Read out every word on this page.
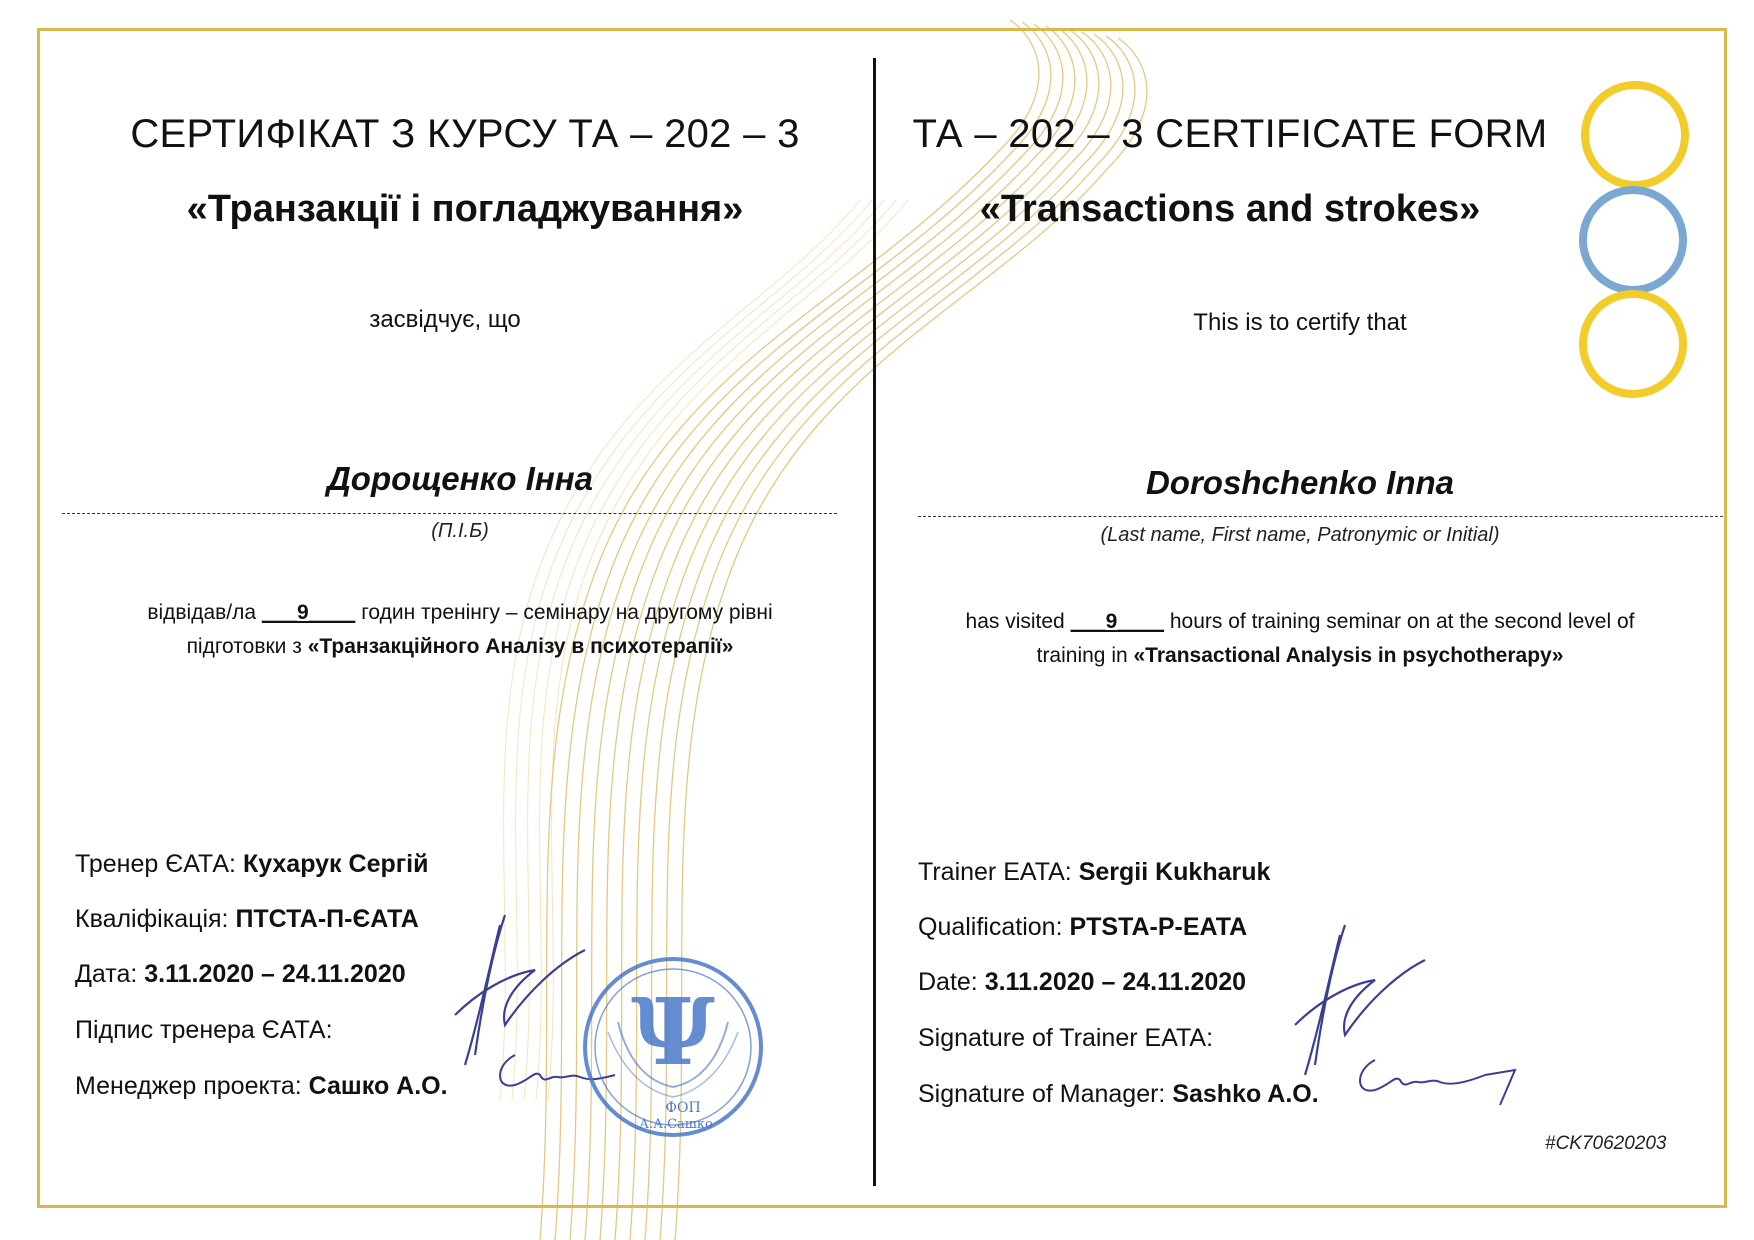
СЕРТИФІКАТ З КУРСУ ТА – 202 – 3
«Транзакції і погладжування»
засвідчує, що
Дорощенко Інна
(П.І.Б)
відвідав/ла ___9____ годин тренінгу – семінару на другому рівні
підготовки з «Транзакційного Аналізу в психотерапії»
Тренер ЄАТА: Кухарук Сергій
Кваліфікація: ПТСТА-П-ЄАТА
Дата: 3.11.2020 – 24.11.2020
Підпис тренера ЄАТА:
Менеджер проекта: Сашко А.О. Ψ
ФОП
А.А.Сашко
ТА – 202 – 3 CERTIFICATE FORM
«Transactions and strokes»
This is to certify that
Doroshchenko Inna
(Last name, First name, Patronymic or Initial)
has visited ___9____ hours of training seminar on at the second level of
training in «Transactional Analysis in psychotherapy»
Trainer EATA: Sergii Kukharuk
Qualification: PTSTA-P-EATA
Date: 3.11.2020 – 24.11.2020
Signature of Trainer EATA:
Signature of Manager: Sashko A.O.
#CK70620203
